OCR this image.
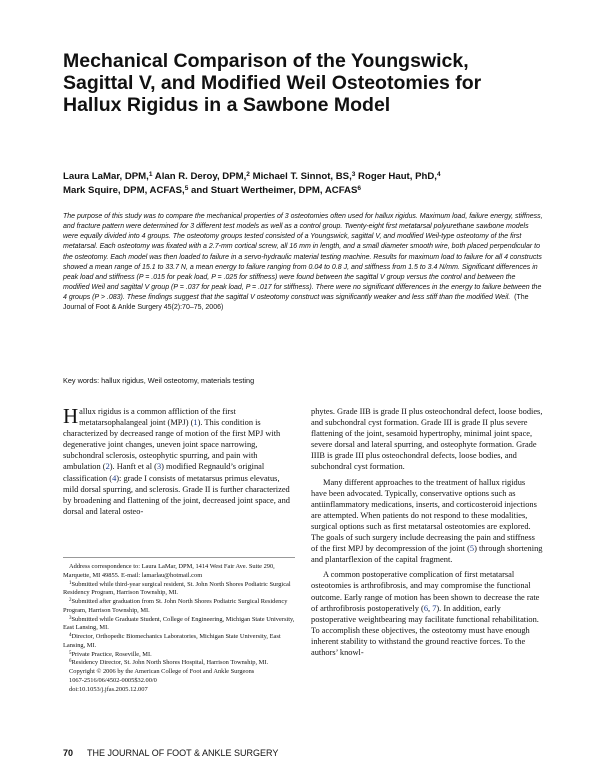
Mechanical Comparison of the Youngswick, Sagittal V, and Modified Weil Osteotomies for Hallux Rigidus in a Sawbone Model

Laura LaMar, DPM,$^1$ Alan R. Deroy, DPM,$^2$ Michael T. Sinnot, BS,$^3$ Roger Haut, PhD,$^4$
Mark Squire, DPM, ACFAS,$^5$ and Stuart Wertheimer, DPM, ACFAS$^6$

The purpose of this study was to compare the mechanical properties of 3 osteotomies often used for hallux rigidus. Maximum load, failure energy, stiffness, and fracture pattern were determined for 3 different test models as well as a control group. Twenty-eight first metatarsal polyurethane sawbone models were equally divided into 4 groups. The osteotomy groups tested consisted of a Youngswick, sagittal V, and modified Weil-type osteotomy of the first metatarsal. Each osteotomy was fixated with a 2.7-mm cortical screw, all 16 mm in length, and a small diameter smooth wire, both placed perpendicular to the osteotomy. Each model was then loaded to failure in a servo-hydraulic material testing machine. Results for maximum load to failure for all 4 constructs showed a mean range of 15.1 to 33.7 N, a mean energy to failure ranging from 0.04 to 0.8 J, and stiffness from 1.5 to 3.4 N/mm. Significant differences in peak load and stiffness (P = .015 for peak load, P = .025 for stiffness) were found between the sagittal V group versus the control and between the modified Weil and sagittal V group (P = .037 for peak load, P = .017 for stiffness). There were no significant differences in the energy to failure between the 4 groups (P > .083). These findings suggest that the sagittal V osteotomy construct was significantly weaker and less stiff than the modified Weil. (The Journal of Foot & Ankle Surgery 45(2):70–75, 2006)

Key words: hallux rigidus, Weil osteotomy, materials testing

Hallux rigidus is a common affliction of the first metatarsophalangeal joint (MPJ) (1). This condition is characterized by decreased range of motion of the first MPJ with degenerative joint changes, uneven joint space narrowing, subchondral sclerosis, osteophytic spurring, and pain with ambulation (2). Hanft et al (3) modified Regnauld’s original classification (4): grade I consists of metatarsus primus elevatus, mild dorsal spurring, and sclerosis. Grade II is further characterized by broadening and flattening of the joint, decreased joint space, and dorsal and lateral osteo-

Address correspondence to: Laura LaMar, DPM, 1414 West Fair Ave. Suite 290, Marquette, MI 49855. E-mail: lamarlau@hotmail.com

$^1$Submitted while third-year surgical resident, St. John North Shores Podiatric Surgical Residency Program, Harrison Township, MI.

$^2$Submitted after graduation from St. John North Shores Podiatric Surgical Residency Program, Harrison Township, MI.

$^3$Submitted while Graduate Student, College of Engineering, Michigan State University, East Lansing, MI.

$^4$Director, Orthopedic Biomechanics Laboratories, Michigan State University, East Lansing, MI.

$^5$Private Practice, Roseville, MI.

$^6$Residency Director, St. John North Shores Hospital, Harrison Township, MI.

Copyright © 2006 by the American College of Foot and Ankle Surgeons

1067-2516/06/4502-0005$32.00/0

doi:10.1053/j.jfas.2005.12.007

phytes. Grade IIB is grade II plus osteochondral defect, loose bodies, and subchondral cyst formation. Grade III is grade II plus severe flattening of the joint, sesamoid hypertrophy, minimal joint space, severe dorsal and lateral spurring, and osteophyte formation. Grade IIIB is grade III plus osteochondral defects, loose bodies, and subchondral cyst formation.

Many different approaches to the treatment of hallux rigidus have been advocated. Typically, conservative options such as antiinflammatory medications, inserts, and corticosteroid injections are attempted. When patients do not respond to these modalities, surgical options such as first metatarsal osteotomies are explored. The goals of such surgery include decreasing the pain and stiffness of the first MPJ by decompression of the joint (5) through shortening and plantarflexion of the capital fragment.

A common postoperative complication of first metatarsal osteotomies is arthrofibrosis, and may compromise the functional outcome. Early range of motion has been shown to decrease the rate of arthrofibrosis postoperatively (6, 7). In addition, early postoperative weightbearing may facilitate functional rehabilitation. To accomplish these objectives, the osteotomy must have enough inherent stability to withstand the ground reactive forces. To the authors’ knowl-

70 THE JOURNAL OF FOOT & ANKLE SURGERY
